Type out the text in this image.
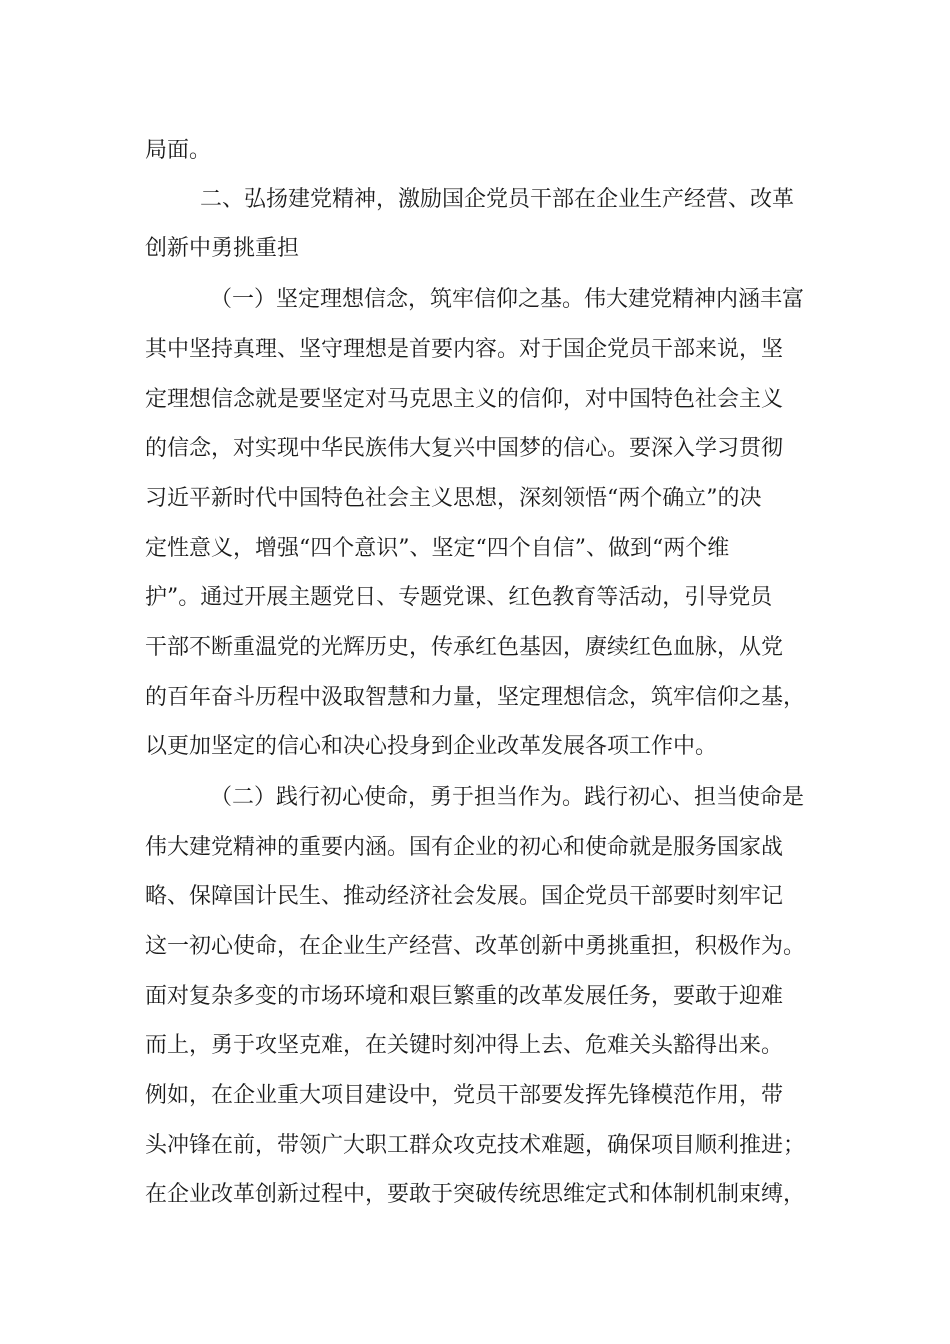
局面。
二、弘扬建党精神，激励国企党员干部在企业生产经营、改革
创新中勇挑重担
（一）坚定理想信念，筑牢信仰之基。伟大建党精神内涵丰富
其中坚持真理、坚守理想是首要内容。对于国企党员干部来说，坚
定理想信念就是要坚定对马克思主义的信仰，对中国特色社会主义
的信念，对实现中华民族伟大复兴中国梦的信心。要深入学习贯彻
习近平新时代中国特色社会主义思想，深刻领悟“两个确立”的决
定性意义，增强“四个意识”、坚定“四个自信”、做到“两个维
护”。通过开展主题党日、专题党课、红色教育等活动，引导党员
干部不断重温党的光辉历史，传承红色基因，赓续红色血脉，从党
的百年奋斗历程中汲取智慧和力量，坚定理想信念，筑牢信仰之基，
以更加坚定的信心和决心投身到企业改革发展各项工作中。
（二）践行初心使命，勇于担当作为。践行初心、担当使命是
伟大建党精神的重要内涵。国有企业的初心和使命就是服务国家战
略、保障国计民生、推动经济社会发展。国企党员干部要时刻牢记
这一初心使命，在企业生产经营、改革创新中勇挑重担，积极作为。
面对复杂多变的市场环境和艰巨繁重的改革发展任务，要敢于迎难
而上，勇于攻坚克难，在关键时刻冲得上去、危难关头豁得出来。
例如，在企业重大项目建设中，党员干部要发挥先锋模范作用，带
头冲锋在前，带领广大职工群众攻克技术难题，确保项目顺利推进；
在企业改革创新过程中，要敢于突破传统思维定式和体制机制束缚，
